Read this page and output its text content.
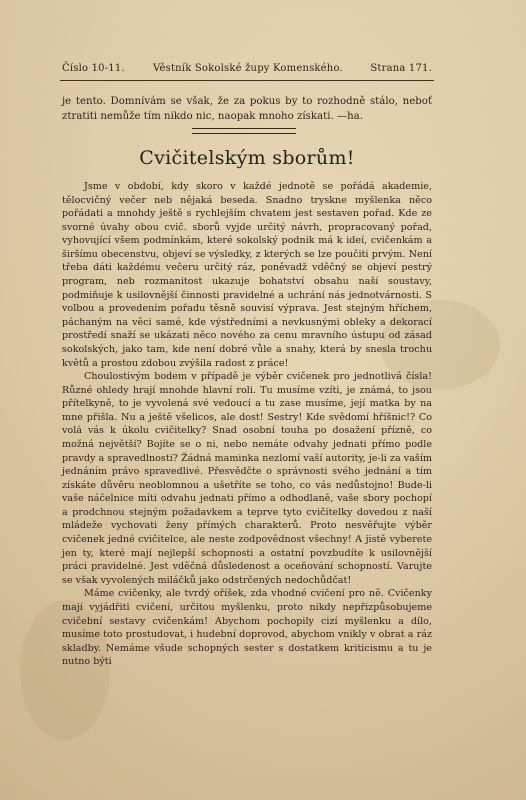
Číslo 10-11.	Věstník Sokolské župy Komenského.	Strana 171.

je tento. Domnívám se však, že za pokus by to rozhodně stálo, neboť ztratiti nemůže tím nikdo nic, naopak mnoho získati. —ha.

Cvičitelským sborům!

Jsme v období, kdy skoro v každé jednotě se pořádá akademie, tělocvičný večer neb nějaká beseda. Snadno tryskne myšlenka něco pořádati a mnohdy ještě s rychlejším chvatem jest sestaven pořad. Kde ze svorné úvahy obou cvič. sborů vyjde určitý návrh, propracovaný pořad, vyhovující všem podmínkám, které sokolský podnik má k ideí, cvičenkám a širšímu obecenstvu, objeví se výsledky, z kterých se lze poučiti prvým. Není třeba dáti každému večeru určitý ráz, poněvadž vděčný se objeví pestrý program, neb rozmanitost ukazuje bohatství obsahu naší soustavy, podmiňuje k usilovnější činnosti pravidelné a uchrání nás jednotvárnosti. S volbou a provedením pořadu těsně souvisí výprava. Jest stejným hříchem, páchaným na věci samé, kde výstředními a nevkusnými obleky a dekorací prostředí snaží se ukázati něco nového za cenu mravního ústupu od zásad sokolských, jako tam, kde není dobré vůle a snahy, která by snesla trochu květů a prostou zdobou zvýšila radost z práce!

Choulostivým bodem v případě je výběr cvičenek pro jednotlivá čísla! Různé ohledy hrají mnohde hlavní roli. Tu musíme vzíti, je známá, to jsou přítelkyně, to je vyvolená své vedoucí a tu zase musíme, její matka by na mne přišla. Nu a ještě všelicos, ale dost! Sestry! Kde svědomí hříšnic!? Co volá vás k úkolu cvičitelky? Snad osobní touha po dosažení přízně, co možná největší? Bojíte se o ni, nebo nemáte odvahy jednati přímo podle pravdy a spravedlnosti? Žádná maminka nezlomí vaší autority, je-li za vaším jednáním právo spravedlivé. Přesvědčte o správnosti svého jednání a tím získáte důvěru neoblomnou a ušetříte se toho, co vás nedůstojno! Bude-li vaše náčelnice míti odvahu jednati přímo a odhodlaně, vaše sbory pochopí a prodchnou stejným požadavkem a teprve tyto cvičitelky dovedou z naší mládeže vychovati ženy přímých charakterů. Proto nesvěřujte výběr cvičenek jedné cvičitelce, ale neste zodpovědnost všechny! A jistě vyberete jen ty, které mají nejlepší schopnosti a ostatní povzbudíte k usilovnější práci pravidelné. Jest vděčná důsledenost a oceňování schopností. Varujte se však vyvolených miláčků jako odstrčených nedochůdčat!

Máme cvičenky, ale tvrdý oříšek, zda vhodné cvičení pro ně. Cvičenky mají vyjádřiti cvičení, určitou myšlenku, proto nikdy nepřizpůsobujeme cvičební sestavy cvičenkám! Abychom pochopily cizí myšlenku a dílo, musíme toto prostudovat, i hudební doprovod, abychom vnikly v obrat a ráz skladby. Nemáme všude schopných sester s dostatkem kriticismu a tu je nutno býti
